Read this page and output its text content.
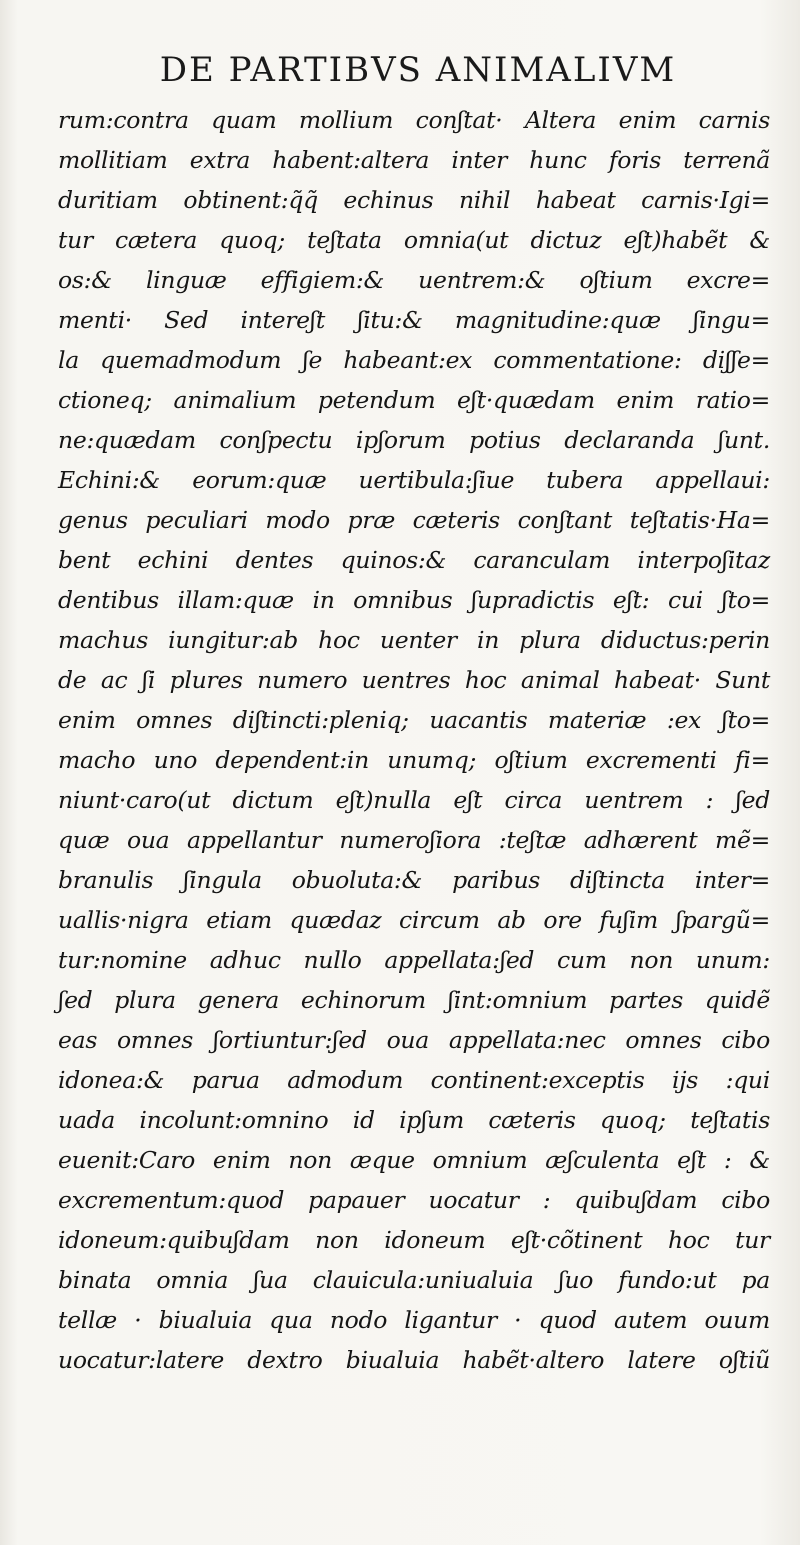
DE PARTIBVS ANIMALIVM
rum:contra quam mollium conʃtat· Altera enim carnis
mollitiam extra habent:altera inter hunc foris terrenã
duritiam obtinent:q̃q̃ echinus nihil habeat carnis·Igi=
tur cætera quoq; teʃtata omnia(ut dictuz eʃt)habẽt &
os:& linguæ effigiem:& uentrem:& oʃtium excre=
menti· Sed intereʃt ʃitu:& magnitudine:quæ ʃingu=
la quemadmodum ʃe habeant:ex commentatione: diʃʃe=
ctioneq; animalium petendum eʃt·quædam enim ratio=
ne:quædam conʃpectu ipʃorum potius declaranda ʃunt.
Echini:& eorum:quæ uertibula:ʃiue tubera appellaui:
genus peculiari modo præ cæteris conʃtant teʃtatis·Ha=
bent echini dentes quinos:& caranculam interpoʃitaz
dentibus illam:quæ in omnibus ʃupradictis eʃt: cui ʃto=
machus iungitur:ab hoc uenter in plura diductus:perin
de ac ʃi plures numero uentres hoc animal habeat· Sunt
enim omnes diʃtincti:pleniq; uacantis materiæ :ex ʃto=
macho uno dependent:in unumq; oʃtium excrementi fi=
niunt·caro(ut dictum eʃt)nulla eʃt circa uentrem : ʃed
quæ oua appellantur numeroʃiora :teʃtæ adhærent mẽ=
branulis ʃingula obuoluta:& paribus diʃtincta inter=
uallis·nigra etiam quædaz circum ab ore fuʃim ʃpargũ=
tur:nomine adhuc nullo appellata:ʃed cum non unum:
ʃed plura genera echinorum ʃint:omnium partes quidẽ
eas omnes ʃortiuntur:ʃed oua appellata:nec omnes cibo
idonea:& parua admodum continent:exceptis ijs :qui
uada incolunt:omnino id ipʃum cæteris quoq; teʃtatis
euenit:Caro enim non æque omnium æʃculenta eʃt : &
excrementum:quod papauer uocatur : quibuʃdam cibo
idoneum:quibuʃdam non idoneum eʃt·cõtinent hoc tur
binata omnia ʃua clauicula:uniualuia ʃuo fundo:ut pa
tellæ · biualuia qua nodo ligantur · quod autem ouum
uocatur:latere dextro biualuia habẽt·altero latere oʃtiũ
